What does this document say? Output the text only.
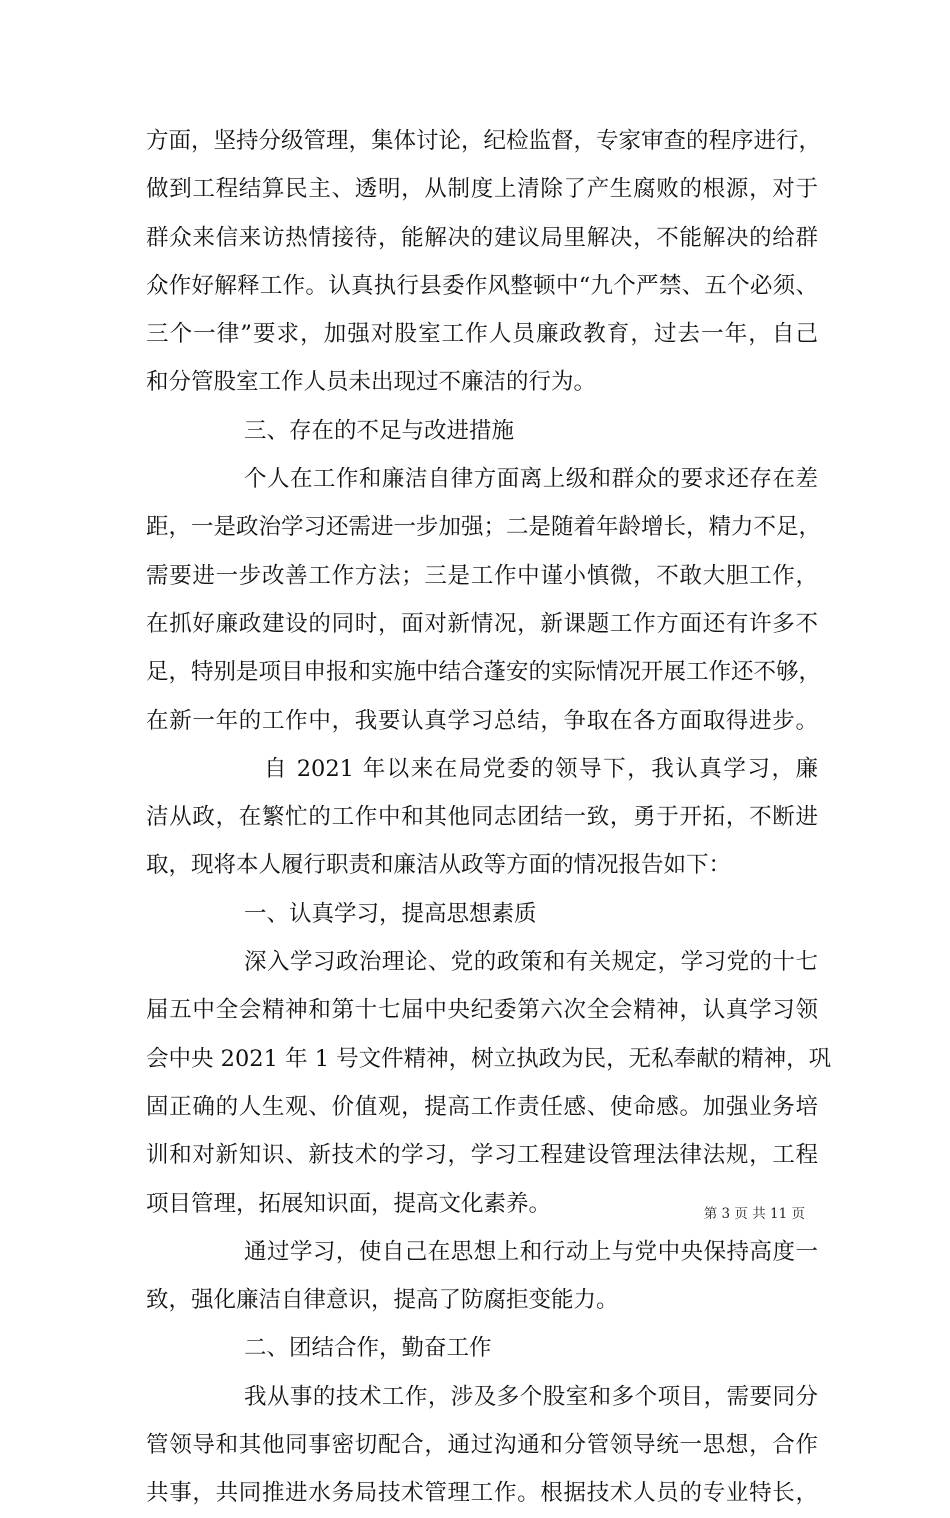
方面，坚持分级管理，集体讨论，纪检监督，专家审查的程序进行，
做到工程结算民主、透明，从制度上清除了产生腐败的根源，对于
群众来信来访热情接待，能解决的建议局里解决，不能解决的给群
众作好解释工作。认真执行县委作风整顿中“九个严禁、五个必须、
三个一律”要求，加强对股室工作人员廉政教育，过去一年，自己
和分管股室工作人员未出现过不廉洁的行为。
三、存在的不足与改进措施
个人在工作和廉洁自律方面离上级和群众的要求还存在差
距，一是政治学习还需进一步加强；二是随着年龄增长，精力不足，
需要进一步改善工作方法；三是工作中谨小慎微，不敢大胆工作，
在抓好廉政建设的同时，面对新情况，新课题工作方面还有许多不
足，特别是项目申报和实施中结合蓬安的实际情况开展工作还不够，
在新一年的工作中，我要认真学习总结，争取在各方面取得进步。
自 2021 年以来在局党委的领导下，我认真学习，廉
洁从政，在繁忙的工作中和其他同志团结一致，勇于开拓，不断进
取，现将本人履行职责和廉洁从政等方面的情况报告如下：
一、认真学习，提高思想素质
深入学习政治理论、党的政策和有关规定，学习党的十七
届五中全会精神和第十七届中央纪委第六次全会精神，认真学习领
会中央 2021 年 1 号文件精神，树立执政为民，无私奉献的精神，巩
固正确的人生观、价值观，提高工作责任感、使命感。加强业务培
训和对新知识、新技术的学习，学习工程建设管理法律法规，工程
项目管理，拓展知识面，提高文化素养。
通过学习，使自己在思想上和行动上与党中央保持高度一
致，强化廉洁自律意识，提高了防腐拒变能力。
二、团结合作，勤奋工作
我从事的技术工作，涉及多个股室和多个项目，需要同分
管领导和其他同事密切配合，通过沟通和分管领导统一思想，合作
共事，共同推进水务局技术管理工作。根据技术人员的专业特长，
第 3 页 共 11 页
